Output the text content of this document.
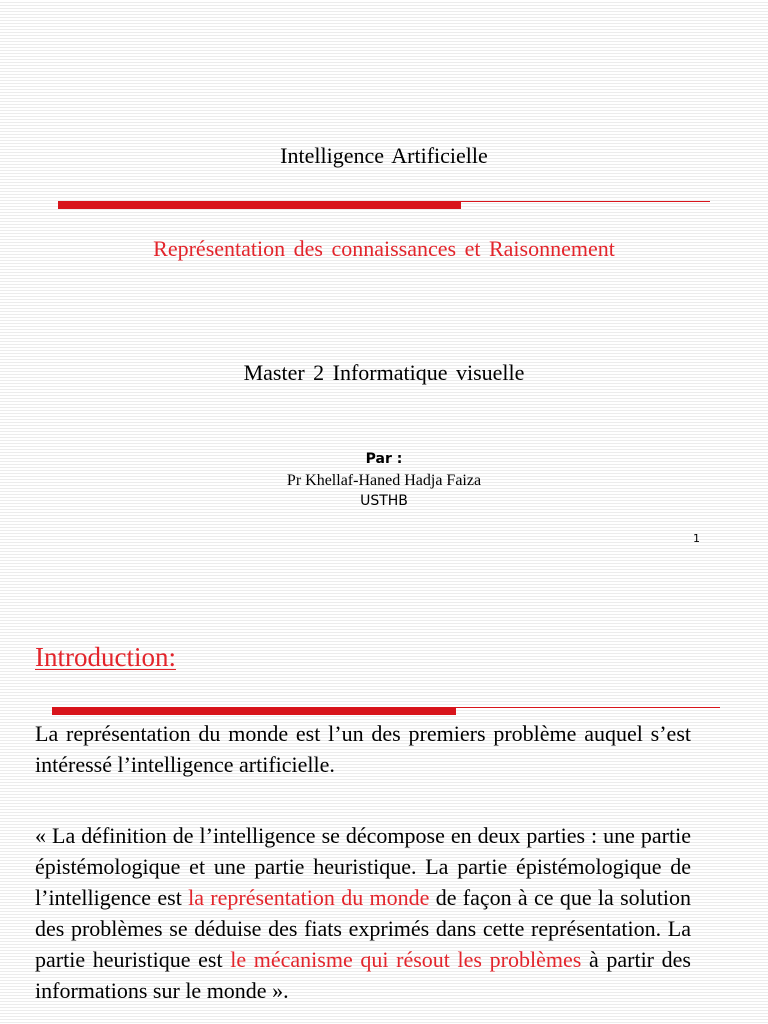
Intelligence Artificielle
Représentation des connaissances et Raisonnement
Master 2 Informatique visuelle
Par :
Pr Khellaf-Haned Hadja Faiza
USTHB
1
Introduction:
La représentation du monde est l’un des premiers problème auquel s’est intéressé l’intelligence artificielle.
« La définition de l’intelligence se décompose en deux parties : une partie épistémologique et une partie heuristique. La partie épistémologique de l’intelligence est la représentation du monde de façon à ce que la solution des problèmes se déduise des fiats exprimés dans cette représentation. La partie heuristique est le mécanisme qui résout les problèmes à partir des informations sur le monde ».
